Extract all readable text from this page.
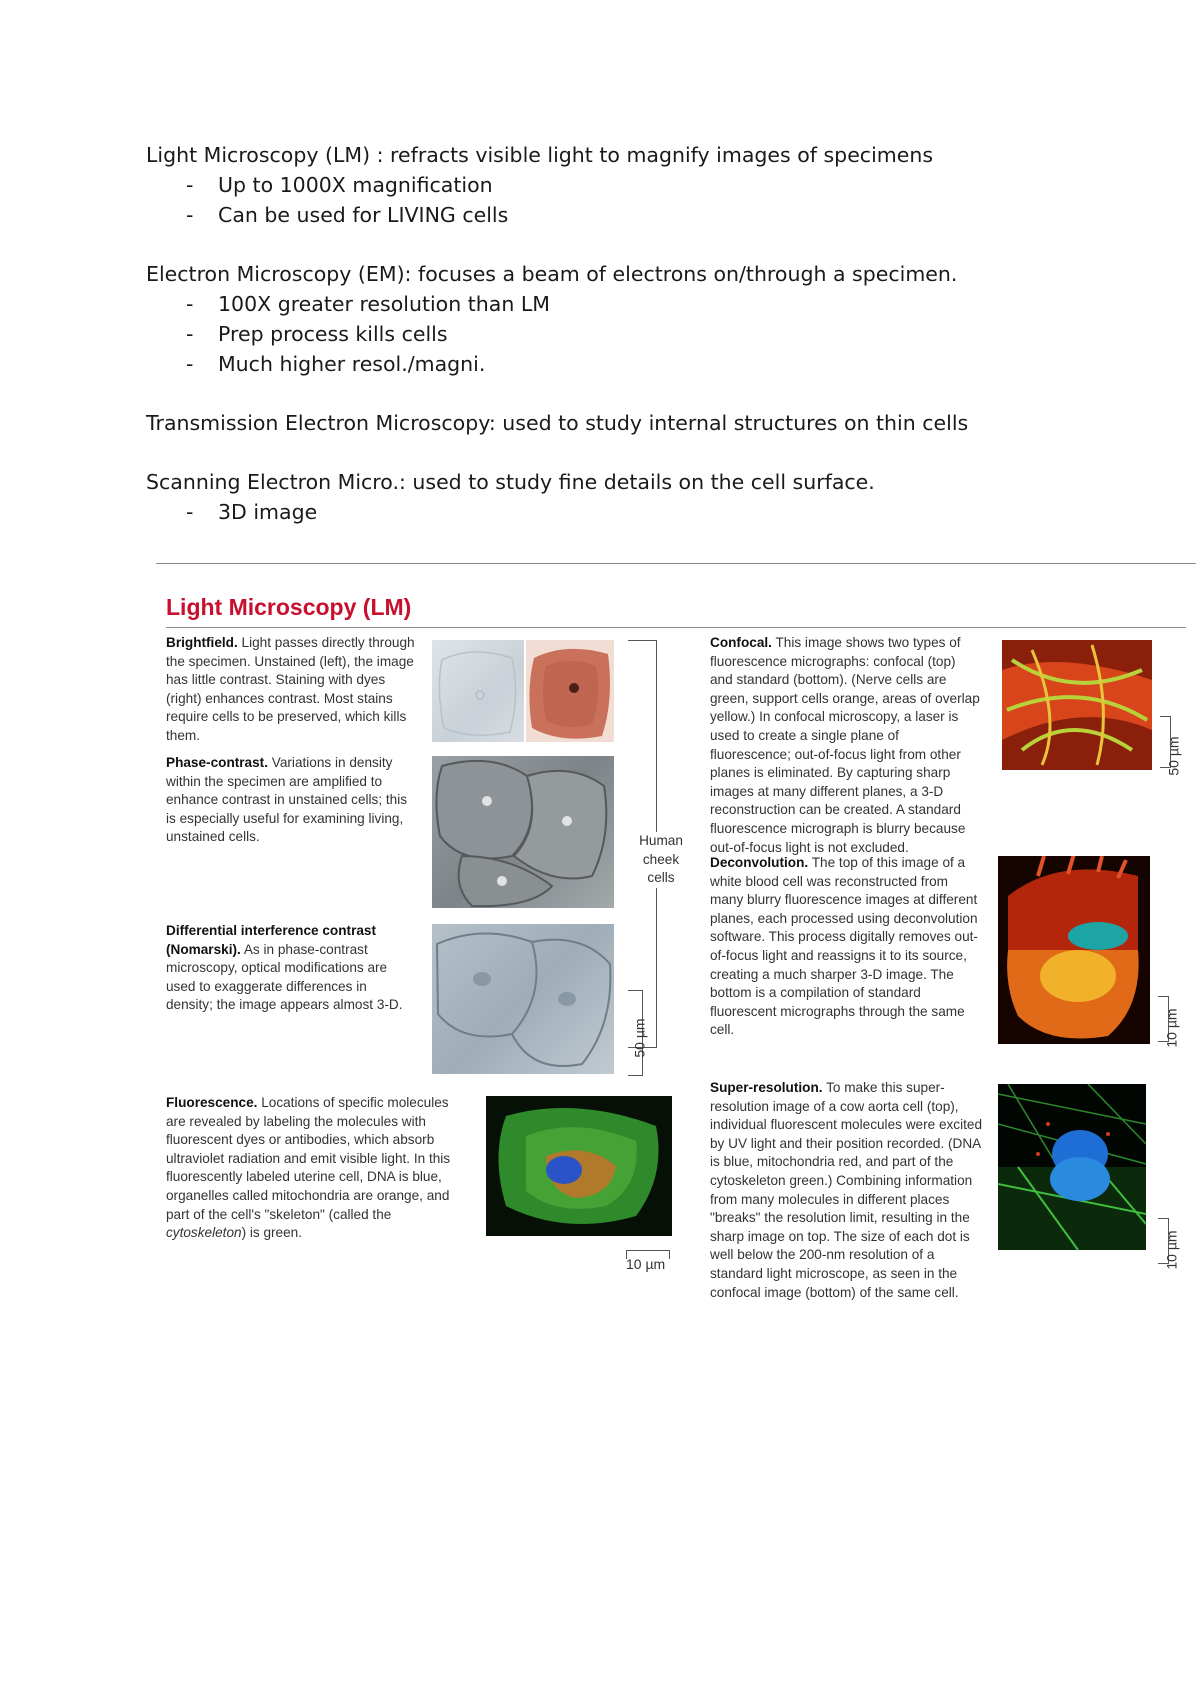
Light Microscopy (LM) : refracts visible light to magnify images of specimens

- Up to 1000X magnification
- Can be used for LIVING cells

Electron Microscopy (EM): focuses a beam of electrons on/through a specimen.

- 100X greater resolution than LM
- Prep process kills cells
- Much higher resol./magni.

Transmission Electron Microscopy: used to study internal structures on thin cells

Scanning Electron Micro.: used to study fine details on the cell surface.

- 3D image
Light Microscopy (LM)
Brightfield. Light passes directly through the specimen. Unstained (left), the image has little contrast. Staining with dyes (right) enhances contrast. Most stains require cells to be preserved, which kills them.
Phase-contrast. Variations in density within the specimen are amplified to enhance contrast in unstained cells; this is especially useful for examining living, unstained cells.	Human cheek cells
Differential interference contrast (Nomarski). As in phase-contrast microscopy, optical modifications are used to exaggerate differences in density; the image appears almost 3-D.
50 µm
Fluorescence. Locations of specific molecules are revealed by labeling the molecules with fluorescent dyes or antibodies, which absorb ultraviolet radiation and emit visible light. In this fluorescently labeled uterine cell, DNA is blue, organelles called mitochondria are orange, and part of the cell's "skeleton" (called the cytoskeleton) is green.
10 µm
Confocal. This image shows two types of fluorescence micrographs: confocal (top) and standard (bottom). (Nerve cells are green, support cells orange, areas of overlap yellow.) In confocal microscopy, a laser is used to create a single plane of fluorescence; out-of-focus light from other planes is eliminated. By capturing sharp images at many different planes, a 3-D reconstruction can be created. A standard fluorescence micrograph is blurry because out-of-focus light is not excluded.
50 µm
Deconvolution. The top of this image of a white blood cell was reconstructed from many blurry fluorescence images at different planes, each processed using deconvolution software. This process digitally removes out-of-focus light and reassigns it to its source, creating a much sharper 3-D image. The bottom is a compilation of standard fluorescent micrographs through the same cell.	10 µm
Super-resolution. To make this super-resolution image of a cow aorta cell (top), individual fluorescent molecules were excited by UV light and their position recorded. (DNA is blue, mitochondria red, and part of the cytoskeleton green.) Combining information from many molecules in different places "breaks" the resolution limit, resulting in the sharp image on top. The size of each dot is well below the 200-nm resolution of a standard light microscope, as seen in the confocal image (bottom) of the same cell.
10 µm
